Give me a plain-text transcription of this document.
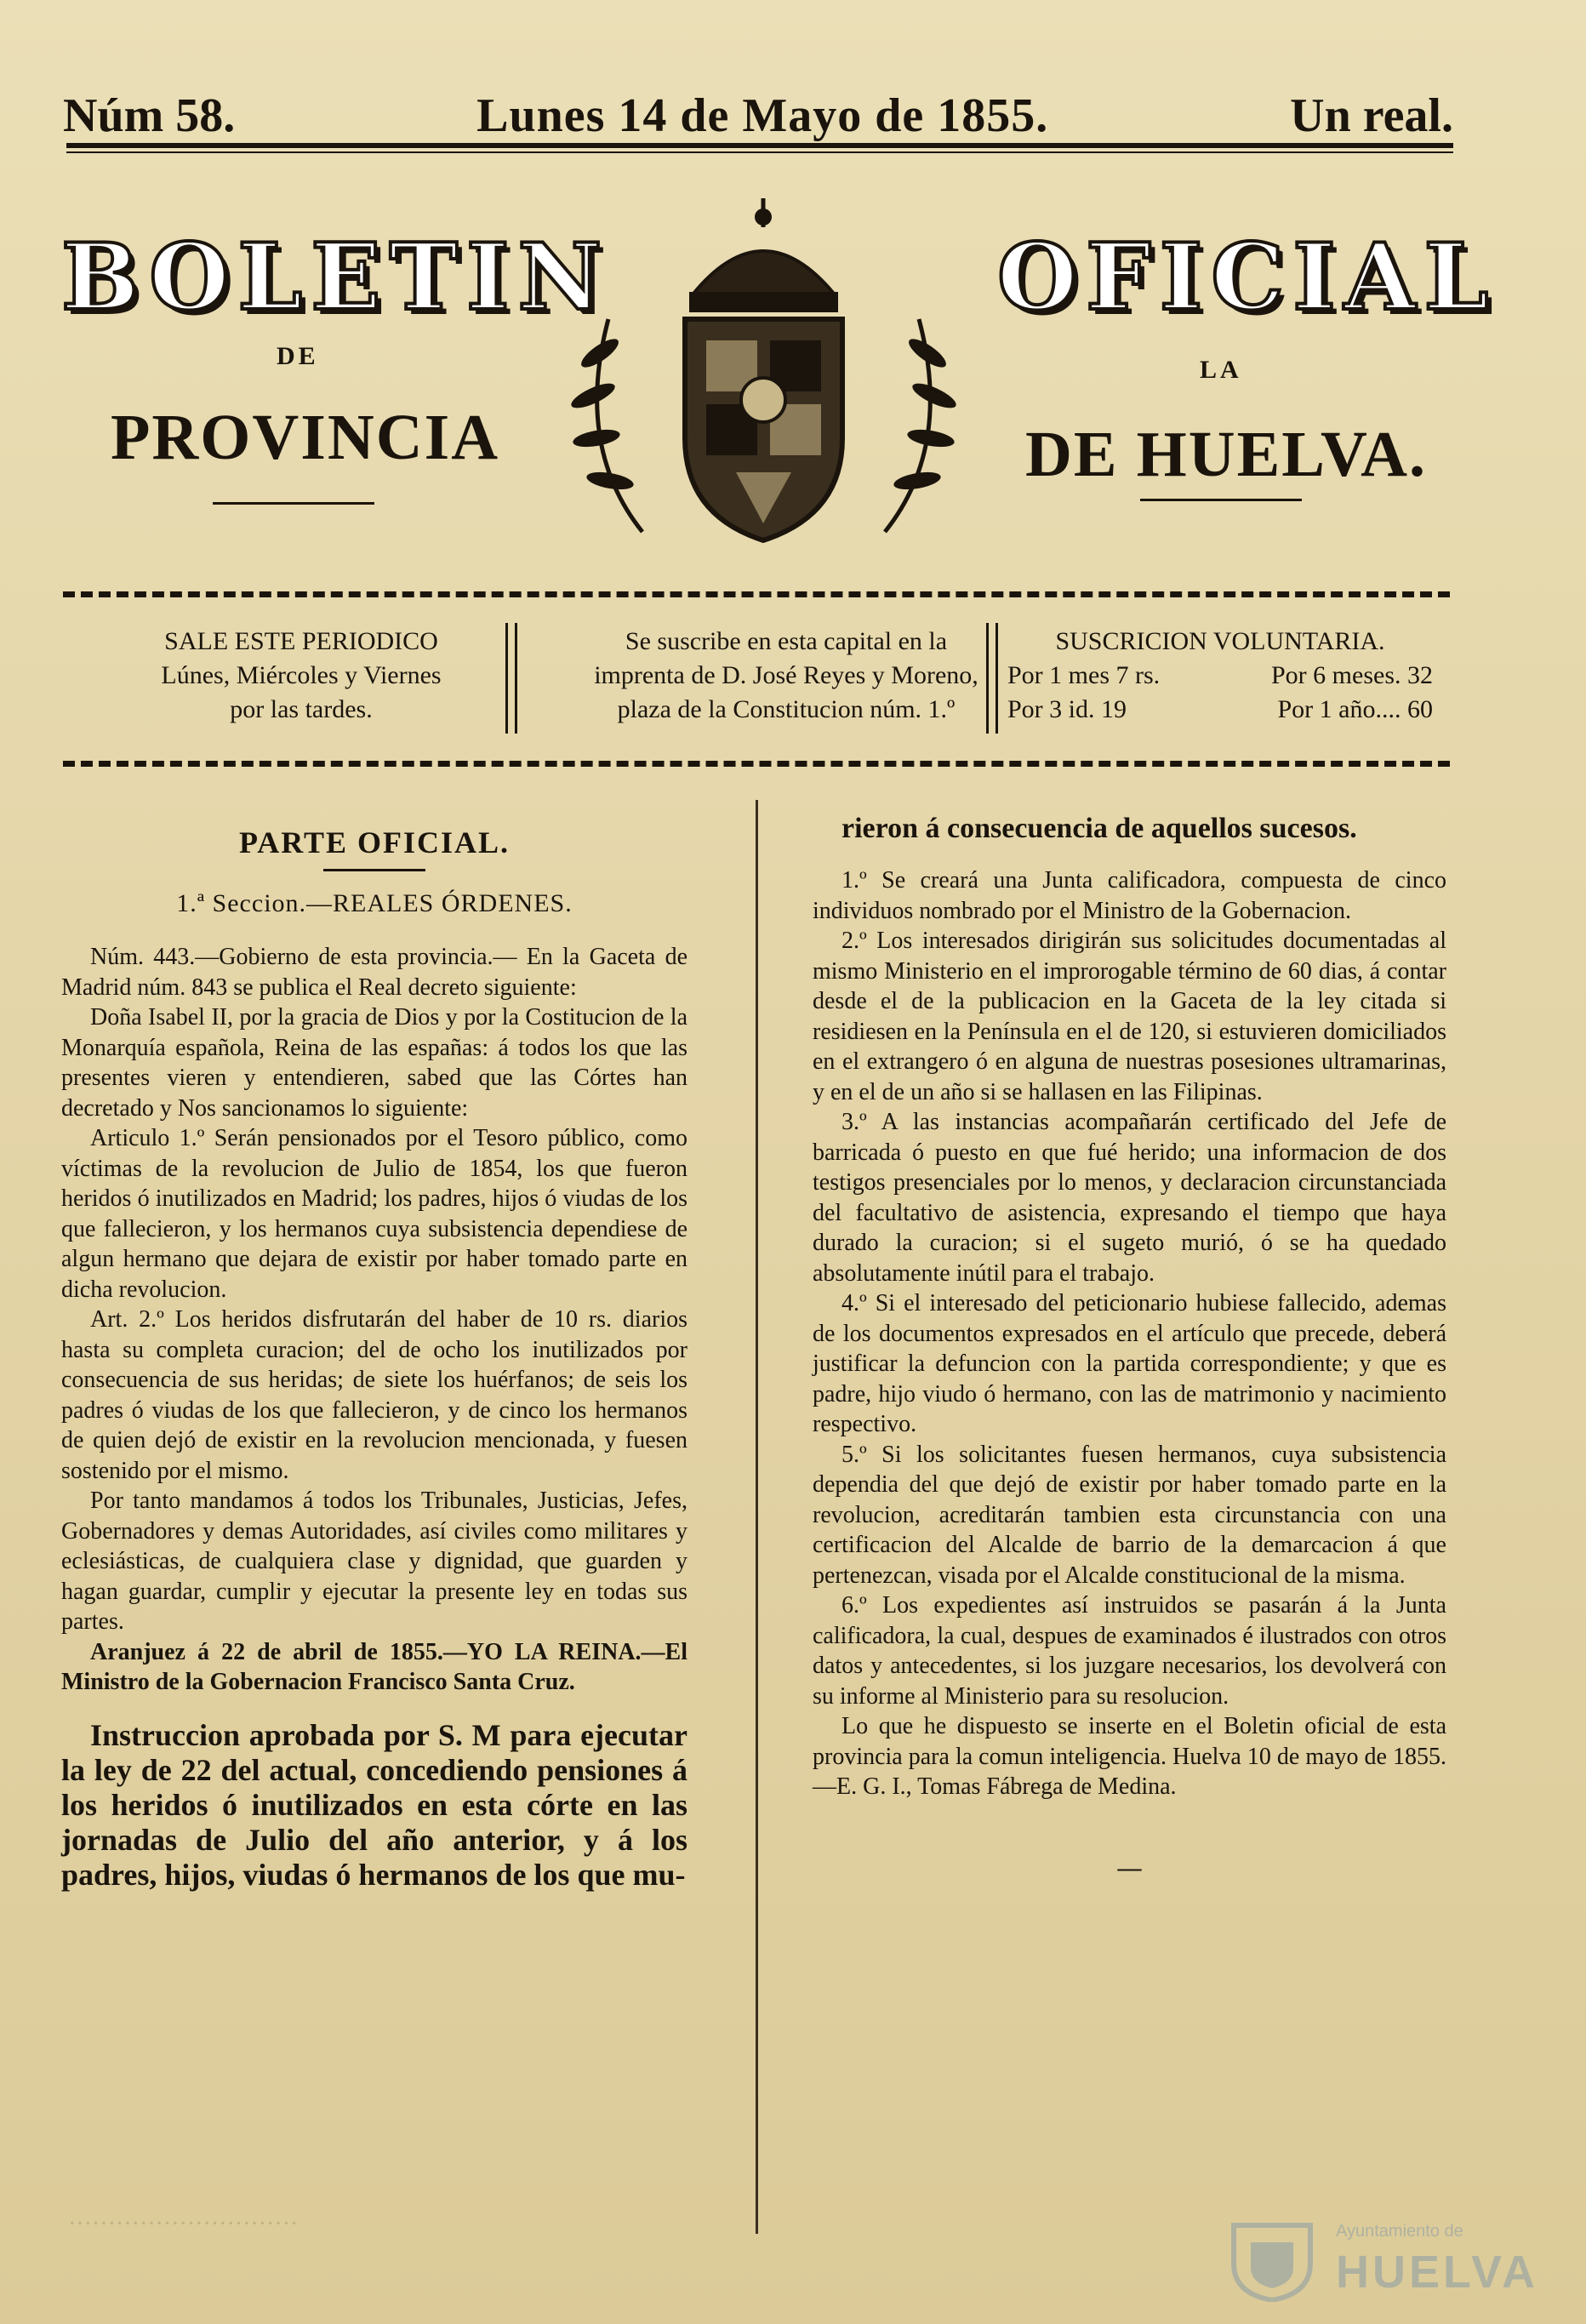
Núm 58.	Lunes 14 de Mayo de 1855.	Un real.
BOLETIN	OFICIAL
DE	LA
PROVINCIA	DE HUELVA.
SALE ESTE PERIODICO
Lúnes, Miércoles y Viernes
por las tardes.
Se suscribe en esta capital en la
imprenta de D. José Reyes y Moreno,
plaza de la Constitucion núm. 1.º
SUSCRICION VOLUNTARIA.
Por 1 mes 7 rs.	Por 6 meses. 32
Por 3 id. 19	Por 1 año.... 60
PARTE OFICIAL.
1.ª Seccion.—REALES ÓRDENES.

Núm. 443.—Gobierno de esta provincia.— En la Gaceta de Madrid núm. 843 se publica el Real decreto siguiente:

Doña Isabel II, por la gracia de Dios y por la Costitucion de la Monarquía española, Reina de las españas: á todos los que las presentes vieren y entendieren, sabed que las Córtes han decretado y Nos sancionamos lo siguiente:

Articulo 1.º Serán pensionados por el Tesoro público, como víctimas de la revolucion de Julio de 1854, los que fueron heridos ó inutilizados en Madrid; los padres, hijos ó viudas de los que fallecieron, y los hermanos cuya subsistencia dependiese de algun hermano que dejara de existir por haber tomado parte en dicha revolucion.

Art. 2.º Los heridos disfrutarán del haber de 10 rs. diarios hasta su completa curacion; del de ocho los inutilizados por consecuencia de sus heridas; de siete los huérfanos; de seis los padres ó viudas de los que fallecieron, y de cinco los hermanos de quien dejó de existir en la revolucion mencionada, y fuesen sostenido por el mismo.

Por tanto mandamos á todos los Tribunales, Justicias, Jefes, Gobernadores y demas Autoridades, así civiles como militares y eclesiásticas, de cualquiera clase y dignidad, que guarden y hagan guardar, cumplir y ejecutar la presente ley en todas sus partes.

Aranjuez á 22 de abril de 1855.—YO LA REINA.—El Ministro de la Gobernacion Francisco Santa Cruz.

Instruccion aprobada por S. M para ejecutar la ley de 22 del actual, concediendo pensiones á los heridos ó inutilizados en esta córte en las jornadas de Julio del año anterior, y á los padres, hijos, viudas ó hermanos de los que mu-

rieron á consecuencia de aquellos sucesos.

1.º Se creará una Junta calificadora, compuesta de cinco individuos nombrado por el Ministro de la Gobernacion.

2.º Los interesados dirigirán sus solicitudes documentadas al mismo Ministerio en el improrogable término de 60 dias, á contar desde el de la publicacion en la Gaceta de la ley citada si residiesen en la Península en el de 120, si estuvieren domiciliados en el extrangero ó en alguna de nuestras posesiones ultramarinas, y en el de un año si se hallasen en las Filipinas.

3.º A las instancias acompañarán certificado del Jefe de barricada ó puesto en que fué herido; una informacion de dos testigos presenciales por lo menos, y declaracion circunstanciada del facultativo de asistencia, expresando el tiempo que haya durado la curacion; si el sugeto murió, ó se ha quedado absolutamente inútil para el trabajo.

4.º Si el interesado del peticionario hubiese fallecido, ademas de los documentos expresados en el artículo que precede, deberá justificar la defuncion con la partida correspondiente; y que es padre, hijo viudo ó hermano, con las de matrimonio y nacimiento respectivo.

5.º Si los solicitantes fuesen hermanos, cuya subsistencia dependia del que dejó de existir por haber tomado parte en la revolucion, acreditarán tambien esta circunstancia con una certificacion del Alcalde de barrio de la demarcacion á que pertenezcan, visada por el Alcalde constitucional de la misma.

6.º Los expedientes así instruidos se pasarán á la Junta calificadora, la cual, despues de examinados é ilustrados con otros datos y antecedentes, si los juzgare necesarios, los devolverá con su informe al Ministerio para su resolucion.

Lo que he dispuesto se inserte en el Boletin oficial de esta provincia para la comun inteligencia. Huelva 10 de mayo de 1855.—E. G. I., Tomas Fábrega de Medina.

—
·····························	Ayuntamiento de
HUELVA
